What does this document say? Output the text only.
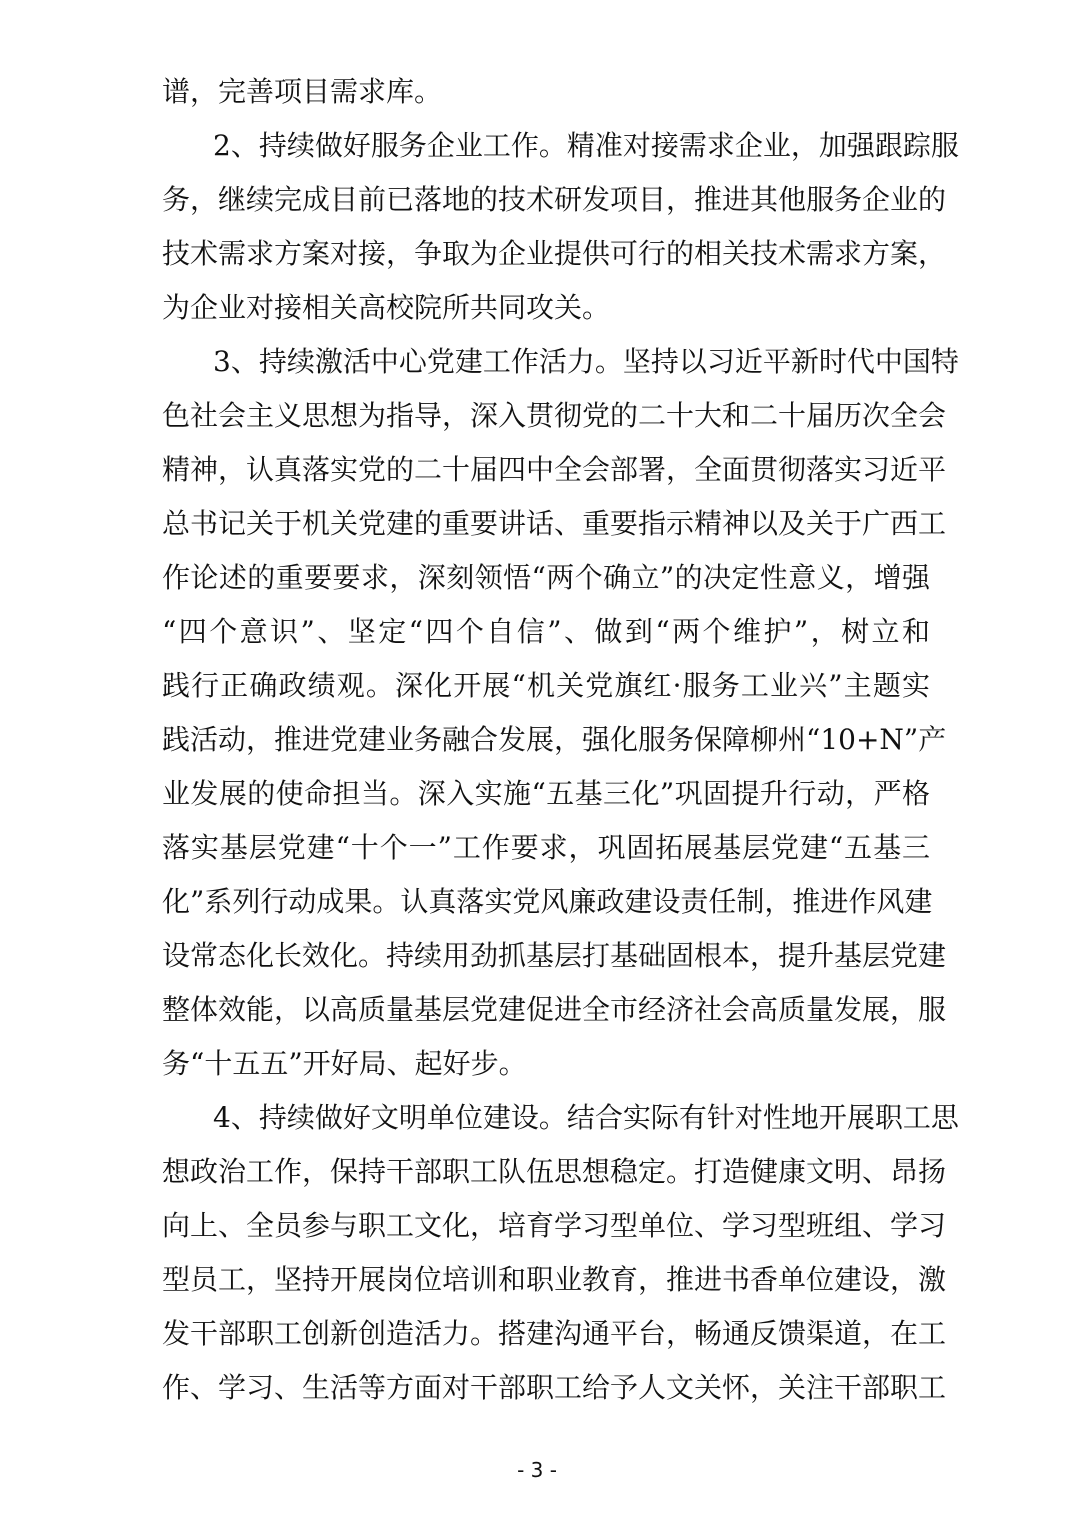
谱，完善项目需求库。
2、持续做好服务企业工作。精准对接需求企业，加强跟踪服
务，继续完成目前已落地的技术研发项目，推进其他服务企业的
技术需求方案对接，争取为企业提供可行的相关技术需求方案，
为企业对接相关高校院所共同攻关。
3、持续激活中心党建工作活力。坚持以习近平新时代中国特
色社会主义思想为指导，深入贯彻党的二十大和二十届历次全会
精神，认真落实党的二十届四中全会部署，全面贯彻落实习近平
总书记关于机关党建的重要讲话、重要指示精神以及关于广西工
作论述的重要要求，深刻领悟“两个确立”的决定性意义，增强
“四个意识”、坚定“四个自信”、做到“两个维护”，树立和
践行正确政绩观。深化开展“机关党旗红·服务工业兴”主题实
践活动，推进党建业务融合发展，强化服务保障柳州“10+N”产
业发展的使命担当。深入实施“五基三化”巩固提升行动，严格
落实基层党建“十个一”工作要求，巩固拓展基层党建“五基三
化”系列行动成果。认真落实党风廉政建设责任制，推进作风建
设常态化长效化。持续用劲抓基层打基础固根本，提升基层党建
整体效能，以高质量基层党建促进全市经济社会高质量发展，服
务“十五五”开好局、起好步。
4、持续做好文明单位建设。结合实际有针对性地开展职工思
想政治工作，保持干部职工队伍思想稳定。打造健康文明、昂扬
向上、全员参与职工文化，培育学习型单位、学习型班组、学习
型员工，坚持开展岗位培训和职业教育，推进书香单位建设，激
发干部职工创新创造活力。搭建沟通平台，畅通反馈渠道，在工
作、学习、生活等方面对干部职工给予人文关怀，关注干部职工
- 3 -
